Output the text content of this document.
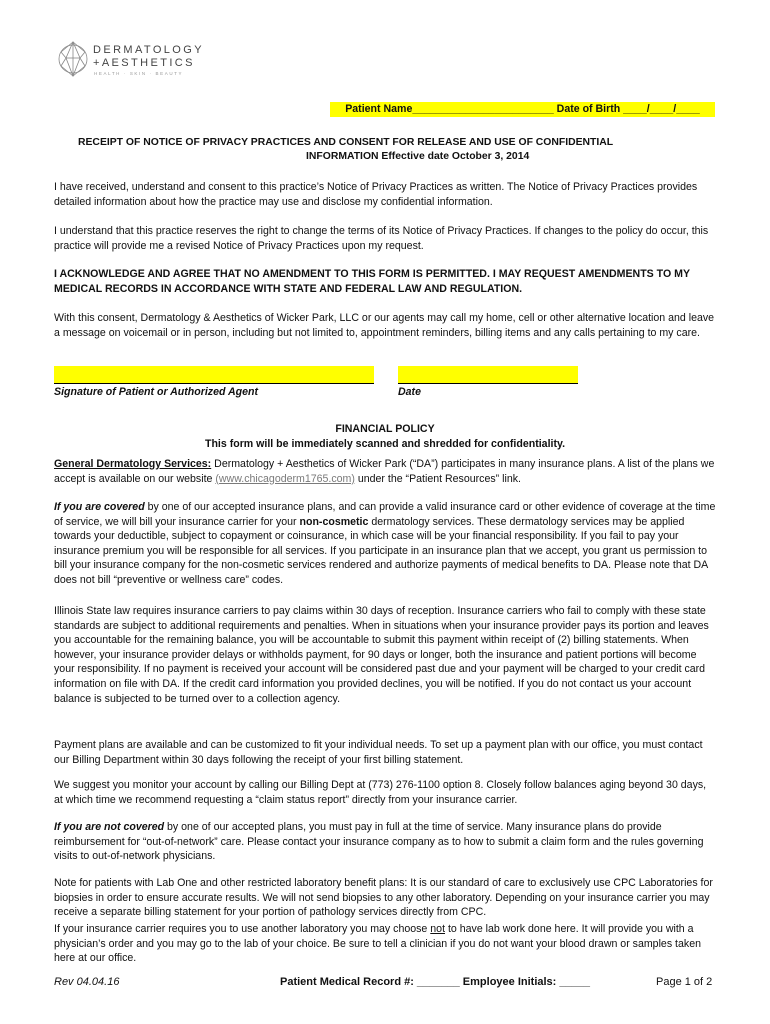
DERMATOLOGY
+AESTHETICS
HEALTH · SKIN · BEAUTY
Patient Name________________________ Date of Birth ____/____/____
RECEIPT OF NOTICE OF PRIVACY PRACTICES AND CONSENT FOR RELEASE AND USE OF CONFIDENTIAL
INFORMATION Effective date October 3, 2014
I have received, understand and consent to this practice’s Notice of Privacy Practices as written. The Notice of Privacy Practices provides detailed information about how the practice may use and disclose my confidential information.
I understand that this practice reserves the right to change the terms of its Notice of Privacy Practices. If changes to the policy do occur, this practice will provide me a revised Notice of Privacy Practices upon my request.
I ACKNOWLEDGE AND AGREE THAT NO AMENDMENT TO THIS FORM IS PERMITTED. I MAY REQUEST AMENDMENTS TO MY MEDICAL RECORDS IN ACCORDANCE WITH STATE AND FEDERAL LAW AND REGULATION.
With this consent, Dermatology & Aesthetics of Wicker Park, LLC or our agents may call my home, cell or other alternative location and leave a message on voicemail or in person, including but not limited to, appointment reminders, billing items and any calls pertaining to my care.
Signature of Patient or Authorized Agent	Date
FINANCIAL POLICY
This form will be immediately scanned and shredded for confidentiality.
General Dermatology Services: Dermatology + Aesthetics of Wicker Park (“DA”) participates in many insurance plans. A list of the plans we accept is available on our website (www.chicagoderm1765.com) under the “Patient Resources” link.
If you are covered by one of our accepted insurance plans, and can provide a valid insurance card or other evidence of coverage at the time of service, we will bill your insurance carrier for your non-cosmetic dermatology services. These dermatology services may be applied towards your deductible, subject to copayment or coinsurance, in which case will be your financial responsibility. If you fail to pay your insurance premium you will be responsible for all services. If you participate in an insurance plan that we accept, you grant us permission to bill your insurance company for the non-cosmetic services rendered and authorize payments of medical benefits to DA. Please note that DA does not bill “preventive or wellness care” codes.
Illinois State law requires insurance carriers to pay claims within 30 days of reception. Insurance carriers who fail to comply with these state standards are subject to additional requirements and penalties. When in situations when your insurance provider pays its portion and leaves you accountable for the remaining balance, you will be accountable to submit this payment within receipt of (2) billing statements. When however, your insurance provider delays or withholds payment, for 90 days or longer, both the insurance and patient portions will become your responsibility. If no payment is received your account will be considered past due and your payment will be charged to your credit card information on file with DA. If the credit card information you provided declines, you will be notified. If you do not contact us your account balance is subjected to be turned over to a collection agency.
Payment plans are available and can be customized to fit your individual needs. To set up a payment plan with our office, you must contact our Billing Department within 30 days following the receipt of your first billing statement.
We suggest you monitor your account by calling our Billing Dept at (773) 276-1100 option 8. Closely follow balances aging beyond 30 days, at which time we recommend requesting a “claim status report” directly from your insurance carrier.
If you are not covered by one of our accepted plans, you must pay in full at the time of service. Many insurance plans do provide reimbursement for “out-of-network” care. Please contact your insurance company as to how to submit a claim form and the rules governing visits to out-of-network physicians.
Note for patients with Lab One and other restricted laboratory benefit plans: It is our standard of care to exclusively use CPC Laboratories for biopsies in order to ensure accurate results. We will not send biopsies to any other laboratory. Depending on your insurance carrier you may receive a separate billing statement for your portion of pathology services directly from CPC.
If your insurance carrier requires you to use another laboratory you may choose not to have lab work done here. It will provide you with a physician’s order and you may go to the lab of your choice. Be sure to tell a clinician if you do not want your blood drawn or samples taken here at our office.
Rev 04.04.16	Patient Medical Record #: _______ Employee Initials: _____	Page 1 of 2
